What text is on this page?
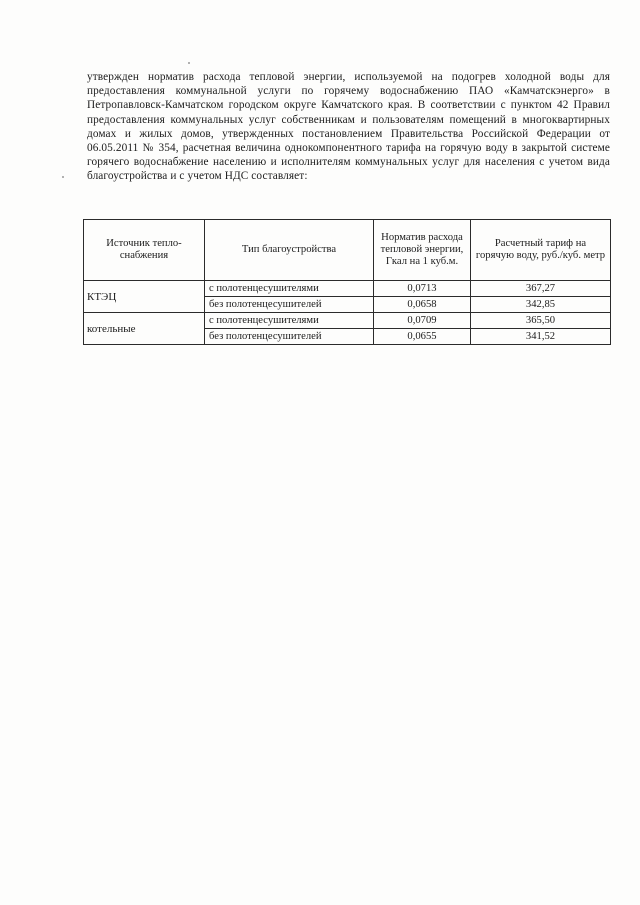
утвержден норматив расхода тепловой энергии, используемой на подогрев холодной воды для предоставления коммунальной услуги по горячему водоснабжению ПАО «Камчатскэнерго» в Петропавловск-Камчатском городском округе Камчатского края. В соответствии с пунктом 42 Правил предоставления коммунальных услуг собственникам и пользователям помещений в многоквартирных домах и жилых домов, утвержденных постановлением Правительства Российской Федерации от 06.05.2011 № 354, расчетная величина однокомпонентного тарифа на горячую воду в закрытой системе горячего водоснабжение населению и исполнителям коммунальных услуг для населения с учетом вида благоустройства и с учетом НДС составляет:

Источник тепло-снабжения	Тип благоустройства	Норматив расхода тепловой энергии, Гкал на 1 куб.м.	Расчетный тариф на горячую воду, руб./куб. метр
КТЭЦ	с полотенцесушителями	0,0713	367,27
	без полотенцесушителей	0,0658	342,85
котельные	с полотенцесушителями	0,0709	365,50
	без полотенцесушителей	0,0655	341,52
